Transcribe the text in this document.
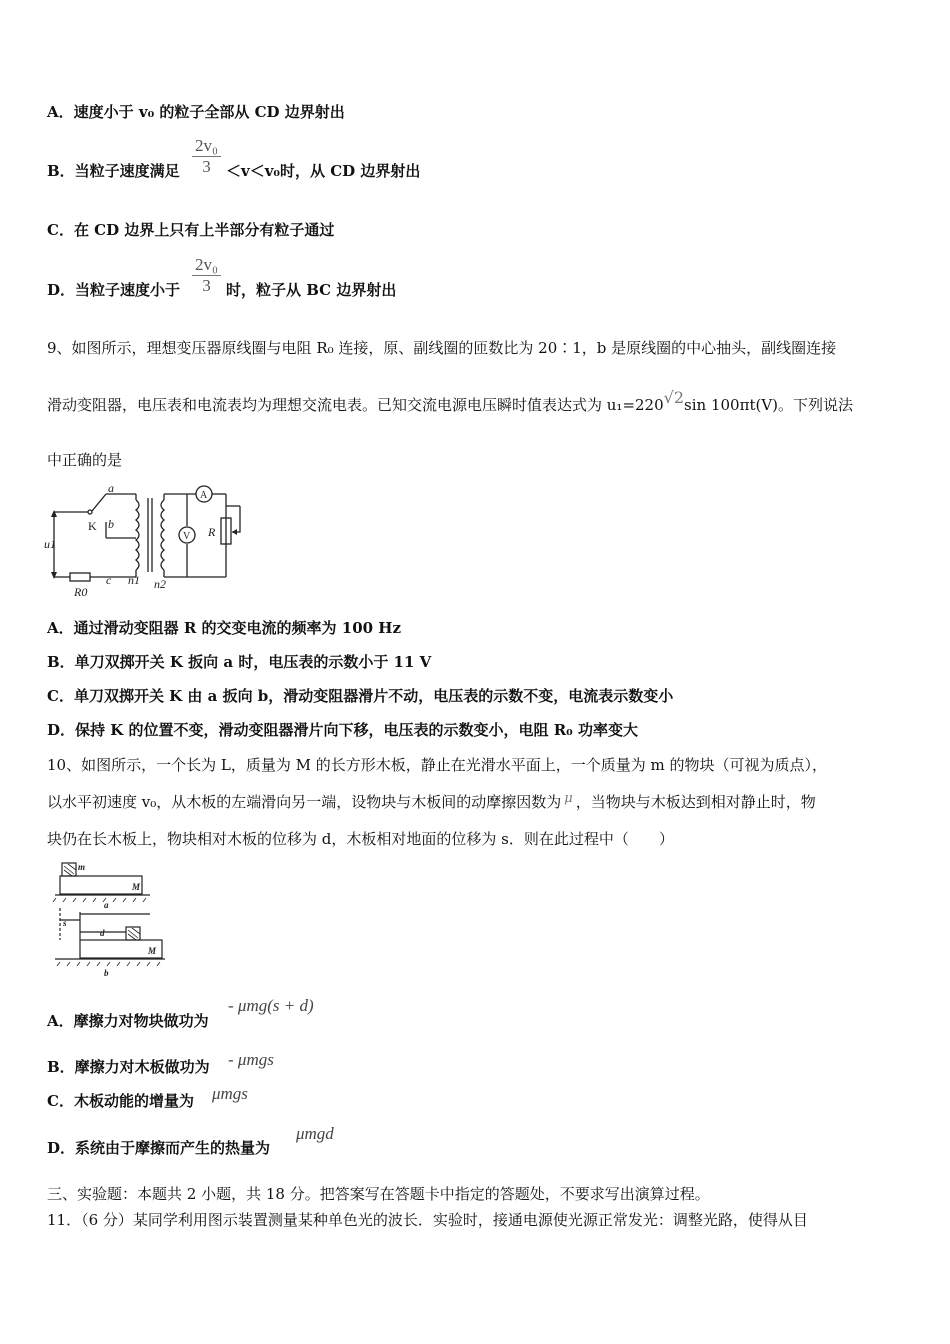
A．速度小于 v₀ 的粒子全部从 CD 边界射出
B．当粒子速度满足 $\frac{\text{2v₀}}{3} <v<v_0$时，从 CD 边界射出
C．在 CD 边界上只有上半部分有粒子通过
D．当粒子速度小于 $\frac{\text{2v₀}}{3}$ 时，粒子从 BC 边界射出
9、如图所示，理想变压器原线圈与电阻 R₀ 连接，原、副线圈的匝数比为 20∶1，b 是原线圈的中心抽头，副线圈连接
滑动变阻器，电压表和电流表均为理想交流电表。已知交流电源电压瞬时值表达式为 u₁=220√2sin 100πt(V)。下列说法
中正确的是
a
b
c
K
u1
R0
n1 n2
A
V R
A．通过滑动变阻器 R 的交变电流的频率为 100 Hz
B．单刀双掷开关 K 扳向 a 时，电压表的示数小于 11 V
C．单刀双掷开关 K 由 a 扳向 b，滑动变阻器滑片不动，电压表的示数不变，电流表示数变小
D．保持 K 的位置不变，滑动变阻器滑片向下移，电压表的示数变小，电阻 R₀ 功率变大
10、如图所示，一个长为 L，质量为 M 的长方形木板，静止在光滑水平面上，一个质量为 m 的物块（可视为质点），
以水平初速度 v₀，从木板的左端滑向另一端，设物块与木板间的动摩擦因数为 μ ，当物块与木板达到相对静止时，物
块仍在长木板上，物块相对木板的位移为 d，木板相对地面的位移为 s．则在此过程中（　　）
m
M
a
s
d
M
b
A．摩擦力对物块做功为
- μmg(s + d)
B．摩擦力对木板做功为 - μmgs
C．木板动能的增量为 μmgs
D．系统由于摩擦而产生的热量为
μmgd
三、实验题：本题共 2 小题，共 18 分。把答案写在答题卡中指定的答题处，不要求写出演算过程。
11．（6 分）某同学利用图示装置测量某种单色光的波长．实验时，接通电源使光源正常发光：调整光路，使得从目
